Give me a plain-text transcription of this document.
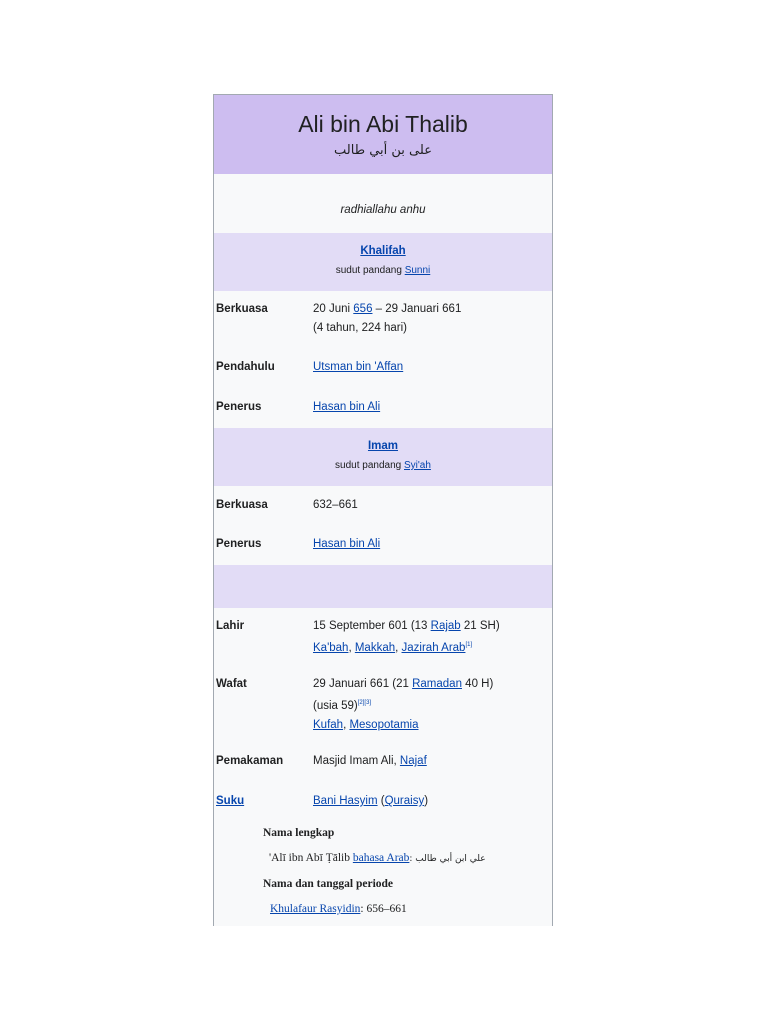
Ali bin Abi Thalib
علی بن أبي طالب
radhiallahu anhu
Khalifah
sudut pandang Sunni
Berkuasa	20 Juni 656 – 29 Januari 661
(4 tahun, 224 hari)
Pendahulu	Utsman bin 'Affan
Penerus	Hasan bin Ali
Imam
sudut pandang Syi'ah
Berkuasa	632–661
Penerus	Hasan bin Ali
Lahir	15 September 601 (13 Rajab 21 SH)
Ka'bah, Makkah, Jazirah Arab[1]
Wafat	29 Januari 661 (21 Ramadan 40 H)
(usia 59)[2][3]
Kufah, Mesopotamia
Pemakaman	Masjid Imam Ali, Najaf
Suku	Bani Hasyim (Quraisy)
Nama lengkap
'Alī ibn Abī Ṭālib bahasa Arab: علي ابن أبي طالب
Nama dan tanggal periode
Khulafaur Rasyidin: 656–661
